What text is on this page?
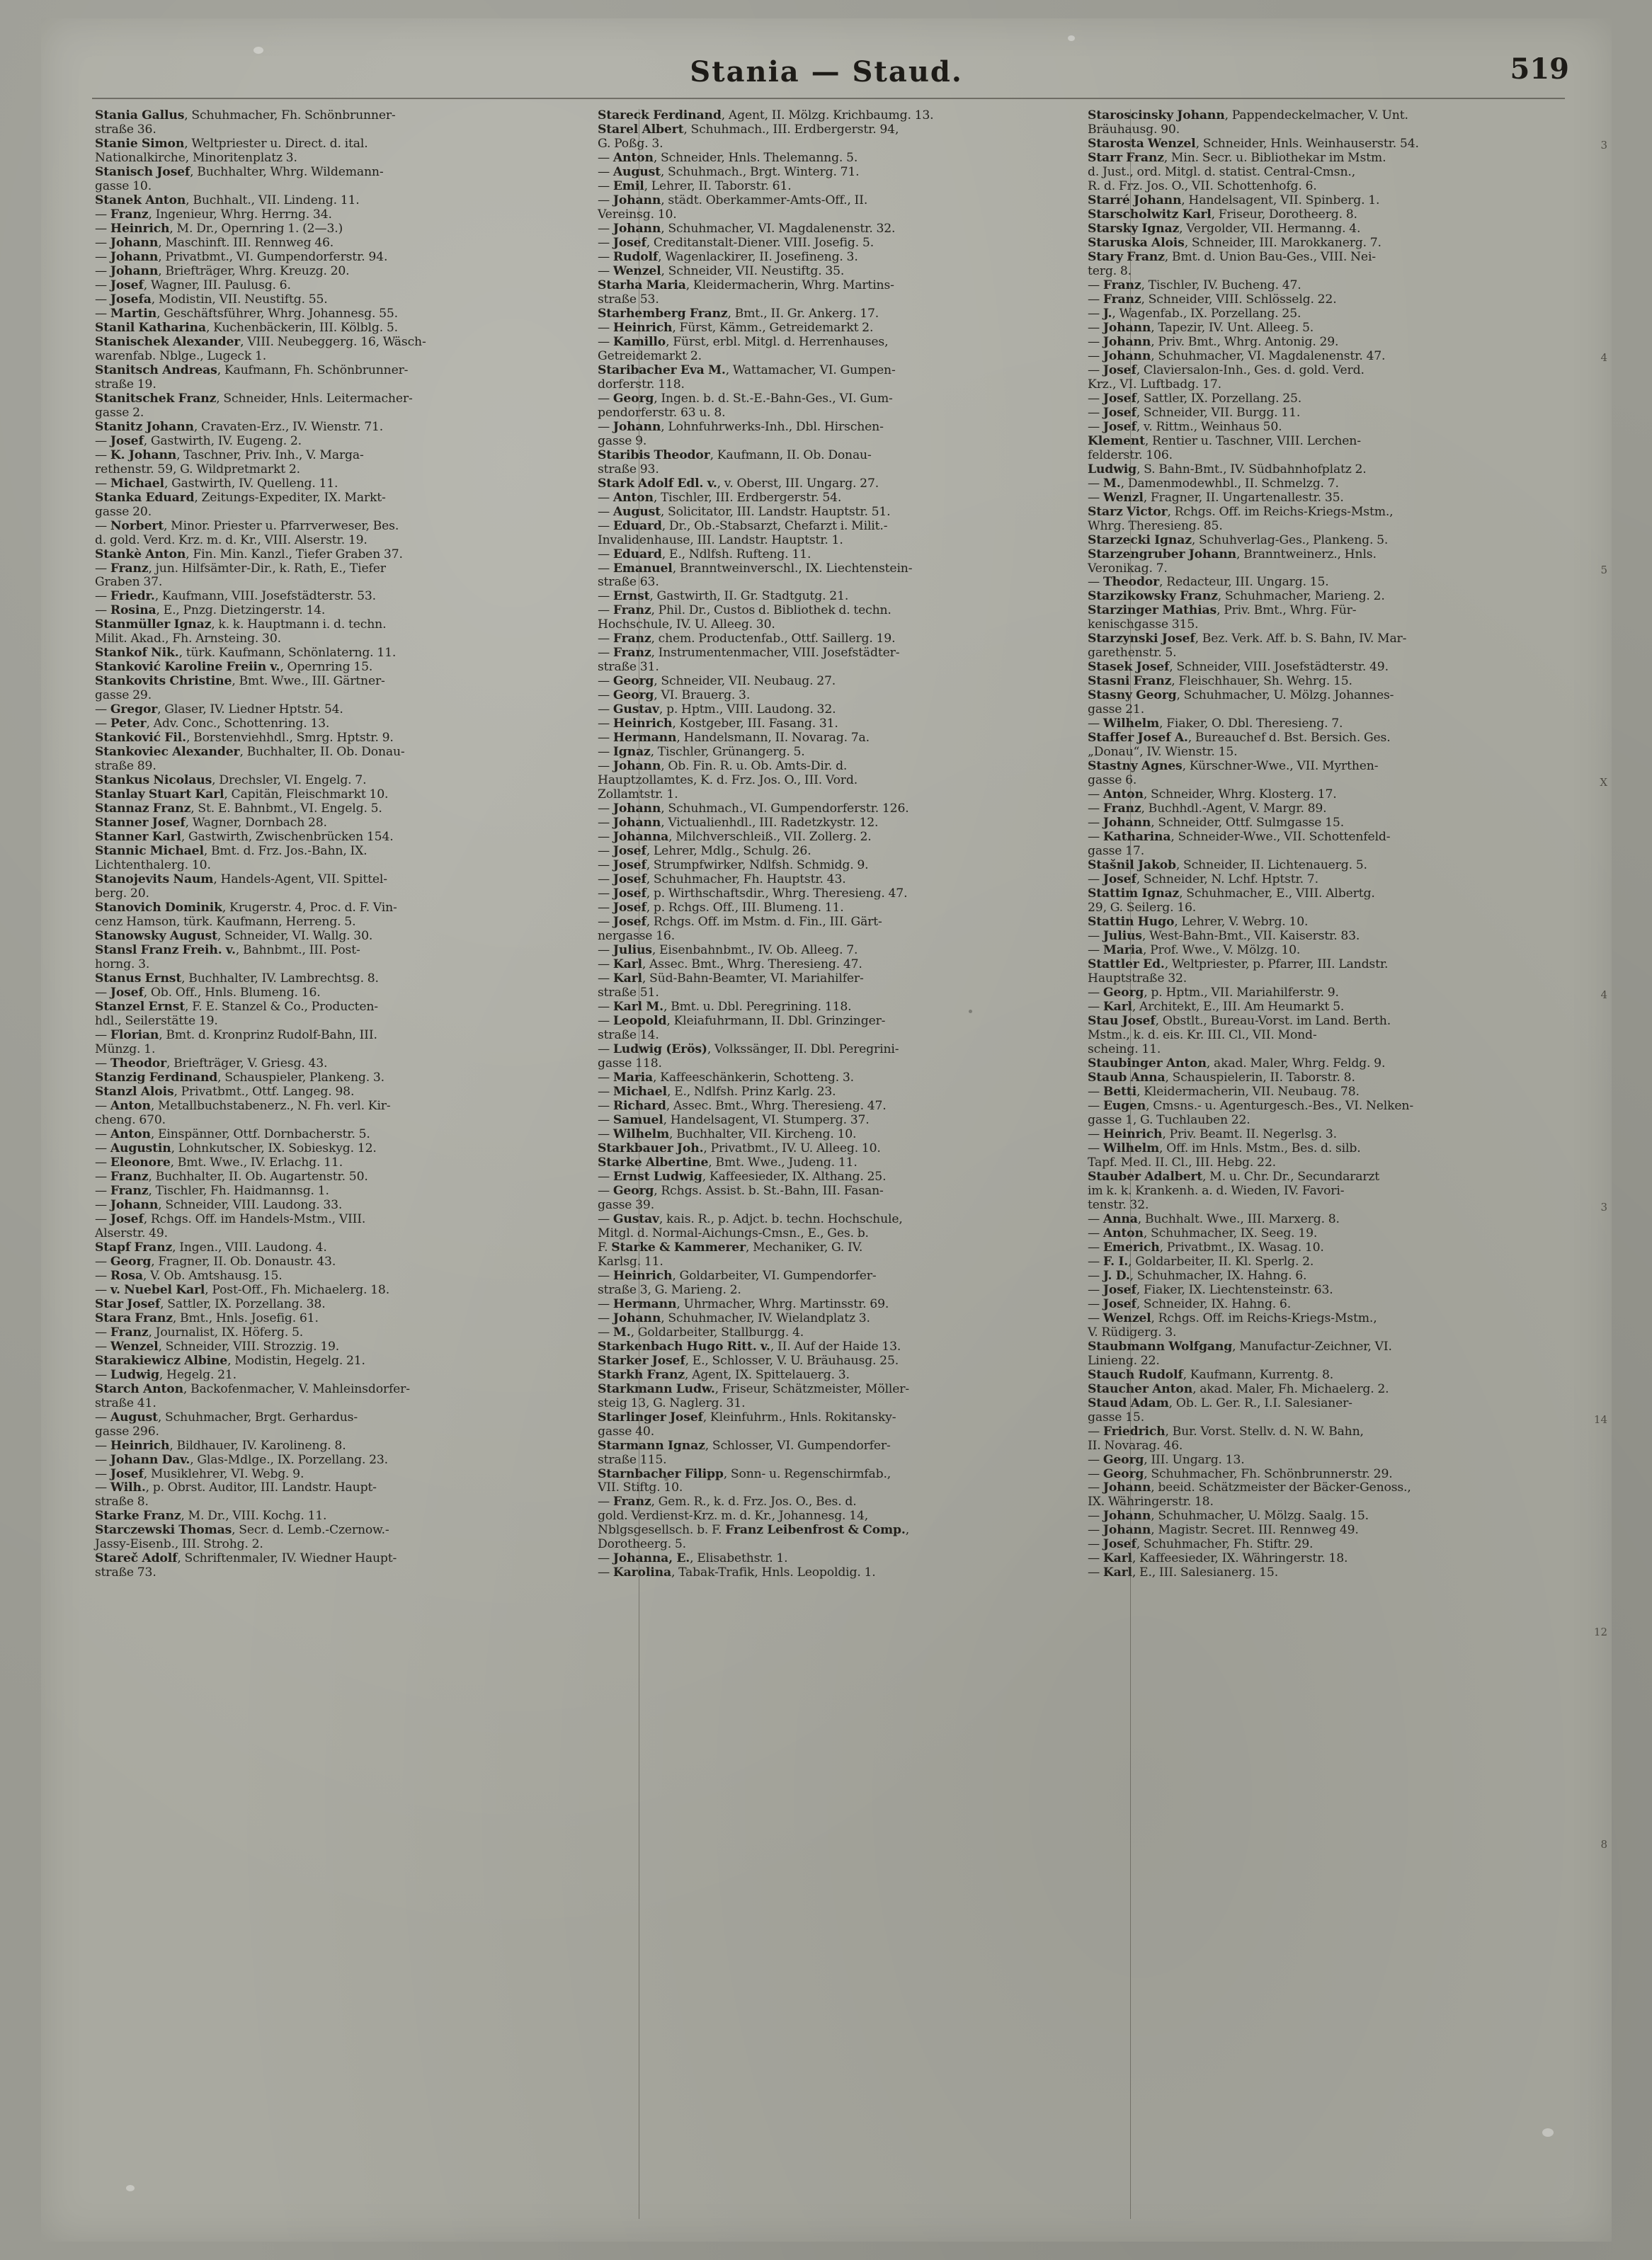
Stania — Staud.	519
Stania Gallus, Schuhmacher, Fh. Schönbrunner-
straße 36.
Stanie Simon, Weltpriester u. Direct. d. ital.
Nationalkirche, Minoritenplatz 3.
Stanisch Josef, Buchhalter, Whrg. Wildemann-
gasse 10.
Stanek Anton, Buchhalt., VII. Lindeng. 11.
— Franz, Ingenieur, Whrg. Herrng. 34.
— Heinrich, M. Dr., Opernring 1. (2—3.)
— Johann, Maschinft. III. Rennweg 46.
— Johann, Privatbmt., VI. Gumpendorferstr. 94.
— Johann, Briefträger, Whrg. Kreuzg. 20.
— Josef, Wagner, III. Paulusg. 6.
— Josefa, Modistin, VII. Neustiftg. 55.
— Martin, Geschäftsführer, Whrg. Johannesg. 55.
Stanil Katharina, Kuchenbäckerin, III. Kölblg. 5.
Stanischek Alexander, VIII. Neubeggerg. 16, Wäsch-
warenfab. Nblge., Lugeck 1.
Stanitsch Andreas, Kaufmann, Fh. Schönbrunner-
straße 19.
Stanitschek Franz, Schneider, Hnls. Leitermacher-
gasse 2.
Stanitz Johann, Cravaten-Erz., IV. Wienstr. 71.
— Josef, Gastwirth, IV. Eugeng. 2.
— K. Johann, Taschner, Priv. Inh., V. Marga-
rethenstr. 59, G. Wildpretmarkt 2.
— Michael, Gastwirth, IV. Quelleng. 11.
Stanka Eduard, Zeitungs-Expediter, IX. Markt-
gasse 20.
— Norbert, Minor. Priester u. Pfarrverweser, Bes.
d. gold. Verd. Krz. m. d. Kr., VIII. Alserstr. 19.
Stankè Anton, Fin. Min. Kanzl., Tiefer Graben 37.
— Franz, jun. Hilfsämter-Dir., k. Rath, E., Tiefer
Graben 37.
— Friedr., Kaufmann, VIII. Josefstädterstr. 53.
— Rosina, E., Pnzg. Dietzingerstr. 14.
Stanmüller Ignaz, k. k. Hauptmann i. d. techn.
Milit. Akad., Fh. Arnsteing. 30.
Stankof Nik., türk. Kaufmann, Schönlaterng. 11.
Stanković Karoline Freiin v., Opernring 15.
Stankovits Christine, Bmt. Wwe., III. Gärtner-
gasse 29.
— Gregor, Glaser, IV. Liedner Hptstr. 54.
— Peter, Adv. Conc., Schottenring. 13.
Stanković Fil., Borstenviehhdl., Smrg. Hptstr. 9.
Stankoviec Alexander, Buchhalter, II. Ob. Donau-
straße 89.
Stankus Nicolaus, Drechsler, VI. Engelg. 7.
Stanlay Stuart Karl, Capitän, Fleischmarkt 10.
Stannaz Franz, St. E. Bahnbmt., VI. Engelg. 5.
Stanner Josef, Wagner, Dornbach 28.
Stanner Karl, Gastwirth, Zwischenbrücken 154.
Stannic Michael, Bmt. d. Frz. Jos.-Bahn, IX.
Lichtenthalerg. 10.
Stanojevits Naum, Handels-Agent, VII. Spittel-
berg. 20.
Stanovich Dominik, Krugerstr. 4, Proc. d. F. Vin-
cenz Hamson, türk. Kaufmann, Herreng. 5.
Stanowsky August, Schneider, VI. Wallg. 30.
Stansl Franz Freih. v., Bahnbmt., III. Post-
horng. 3.
Stanus Ernst, Buchhalter, IV. Lambrechtsg. 8.
— Josef, Ob. Off., Hnls. Blumeng. 16.
Stanzel Ernst, F. E. Stanzel & Co., Producten-
hdl., Seilerstätte 19.
— Florian, Bmt. d. Kronprinz Rudolf-Bahn, III.
Münzg. 1.
— Theodor, Briefträger, V. Griesg. 43.
Stanzig Ferdinand, Schauspieler, Plankeng. 3.
Stanzl Alois, Privatbmt., Ottf. Langeg. 98.
— Anton, Metallbuchstabenerz., N. Fh. verl. Kir-
cheng. 670.
— Anton, Einspänner, Ottf. Dornbacherstr. 5.
— Augustin, Lohnkutscher, IX. Sobieskyg. 12.
— Eleonore, Bmt. Wwe., IV. Erlachg. 11.
— Franz, Buchhalter, II. Ob. Augartenstr. 50.
— Franz, Tischler, Fh. Haidmannsg. 1.
— Johann, Schneider, VIII. Laudong. 33.
— Josef, Rchgs. Off. im Handels-Mstm., VIII.
Alserstr. 49.
Stapf Franz, Ingen., VIII. Laudong. 4.
— Georg, Fragner, II. Ob. Donaustr. 43.
— Rosa, V. Ob. Amtshausg. 15.
— v. Nuebel Karl, Post-Off., Fh. Michaelerg. 18.
Star Josef, Sattler, IX. Porzellang. 38.
Stara Franz, Bmt., Hnls. Josefig. 61.
— Franz, Journalist, IX. Höferg. 5.
— Wenzel, Schneider, VIII. Strozzig. 19.
Starakiewicz Albine, Modistin, Hegelg. 21.
— Ludwig, Hegelg. 21.
Starch Anton, Backofenmacher, V. Mahleinsdorfer-
straße 41.
— August, Schuhmacher, Brgt. Gerhardus-
gasse 296.
— Heinrich, Bildhauer, IV. Karolineng. 8.
— Johann Dav., Glas-Mdlge., IX. Porzellang. 23.
— Josef, Musiklehrer, VI. Webg. 9.
— Wilh., p. Obrst. Auditor, III. Landstr. Haupt-
straße 8.
Starke Franz, M. Dr., VIII. Kochg. 11.
Starczewski Thomas, Secr. d. Lemb.-Czernow.-
Jassy-Eisenb., III. Strohg. 2.
Stareč Adolf, Schriftenmaler, IV. Wiedner Haupt-
straße 73.
Stareck Ferdinand, Agent, II. Mölzg. Krichbaumg. 13.
Starel Albert, Schuhmach., III. Erdbergerstr. 94,
G. Poßg. 3.
— Anton, Schneider, Hnls. Thelemanng. 5.
— August, Schuhmach., Brgt. Winterg. 71.
— Emil, Lehrer, II. Taborstr. 61.
— Johann, städt. Oberkammer-Amts-Off., II.
Vereinsg. 10.
— Johann, Schuhmacher, VI. Magdalenenstr. 32.
— Josef, Creditanstalt-Diener. VIII. Josefig. 5.
— Rudolf, Wagenlackirer, II. Josefineng. 3.
— Wenzel, Schneider, VII. Neustiftg. 35.
Starha Maria, Kleidermacherin, Whrg. Martins-
straße 53.
Starhemberg Franz, Bmt., II. Gr. Ankerg. 17.
— Heinrich, Fürst, Kämm., Getreidemarkt 2.
— Kamillo, Fürst, erbl. Mitgl. d. Herrenhauses,
Getreidemarkt 2.
Staribacher Eva M., Wattamacher, VI. Gumpen-
dorferstr. 118.
— Georg, Ingen. b. d. St.-E.-Bahn-Ges., VI. Gum-
pendorferstr. 63 u. 8.
— Johann, Lohnfuhrwerks-Inh., Dbl. Hirschen-
gasse 9.
Staribis Theodor, Kaufmann, II. Ob. Donau-
straße 93.
Stark Adolf Edl. v., v. Oberst, III. Ungarg. 27.
— Anton, Tischler, III. Erdbergerstr. 54.
— August, Solicitator, III. Landstr. Hauptstr. 51.
— Eduard, Dr., Ob.-Stabsarzt, Chefarzt i. Milit.-
Invalidenhause, III. Landstr. Hauptstr. 1.
— Eduard, E., Ndlfsh. Rufteng. 11.
— Emanuel, Branntweinverschl., IX. Liechtenstein-
straße 63.
— Ernst, Gastwirth, II. Gr. Stadtgutg. 21.
— Franz, Phil. Dr., Custos d. Bibliothek d. techn.
Hochschule, IV. U. Alleeg. 30.
— Franz, chem. Productenfab., Ottf. Saillerg. 19.
— Franz, Instrumentenmacher, VIII. Josefstädter-
straße 31.
— Georg, Schneider, VII. Neubaug. 27.
— Georg, VI. Brauerg. 3.
— Gustav, p. Hptm., VIII. Laudong. 32.
— Heinrich, Kostgeber, III. Fasang. 31.
— Hermann, Handelsmann, II. Novarag. 7a.
— Ignaz, Tischler, Grünangerg. 5.
— Johann, Ob. Fin. R. u. Ob. Amts-Dir. d.
Hauptzollamtes, K. d. Frz. Jos. O., III. Vord.
Zollamtstr. 1.
— Johann, Schuhmach., VI. Gumpendorferstr. 126.
— Johann, Victualienhdl., III. Radetzkystr. 12.
— Johanna, Milchverschleiß., VII. Zollerg. 2.
— Josef, Lehrer, Mdlg., Schulg. 26.
— Josef, Strumpfwirker, Ndlfsh. Schmidg. 9.
— Josef, Schuhmacher, Fh. Hauptstr. 43.
— Josef, p. Wirthschaftsdir., Whrg. Theresieng. 47.
— Josef, p. Rchgs. Off., III. Blumeng. 11.
— Josef, Rchgs. Off. im Mstm. d. Fin., III. Gärt-
nergasse 16.
— Julius, Eisenbahnbmt., IV. Ob. Alleeg. 7.
— Karl, Assec. Bmt., Whrg. Theresieng. 47.
— Karl, Süd-Bahn-Beamter, VI. Mariahilfer-
straße 51.
— Karl M., Bmt. u. Dbl. Peregrining. 118.
— Leopold, Kleiafuhrmann, II. Dbl. Grinzinger-
straße 14.
— Ludwig (Erös), Volkssänger, II. Dbl. Peregrini-
gasse 118.
— Maria, Kaffeeschänkerin, Schotteng. 3.
— Michael, E., Ndlfsh. Prinz Karlg. 23.
— Richard, Assec. Bmt., Whrg. Theresieng. 47.
— Samuel, Handelsagent, VI. Stumperg. 37.
— Wilhelm, Buchhalter, VII. Kircheng. 10.
Starkbauer Joh., Privatbmt., IV. U. Alleeg. 10.
Starke Albertine, Bmt. Wwe., Judeng. 11.
— Ernst Ludwig, Kaffeesieder, IX. Althang. 25.
— Georg, Rchgs. Assist. b. St.-Bahn, III. Fasan-
gasse 39.
— Gustav, kais. R., p. Adjct. b. techn. Hochschule,
Mitgl. d. Normal-Aichungs-Cmsn., E., Ges. b.
F. Starke & Kammerer, Mechaniker, G. IV.
Karlsg. 11.
— Heinrich, Goldarbeiter, VI. Gumpendorfer-
straße 3, G. Marieng. 2.
— Hermann, Uhrmacher, Whrg. Martinsstr. 69.
— Johann, Schuhmacher, IV. Wielandplatz 3.
— M., Goldarbeiter, Stallburgg. 4.
Starkenbach Hugo Ritt. v., II. Auf der Haide 13.
Starker Josef, E., Schlosser, V. U. Bräuhausg. 25.
Starkh Franz, Agent, IX. Spittelauerg. 3.
Starkmann Ludw., Friseur, Schätzmeister, Möller-
steig 13, G. Naglerg. 31.
Starlinger Josef, Kleinfuhrm., Hnls. Rokitansky-
gasse 40.
Starmann Ignaz, Schlosser, VI. Gumpendorfer-
straße 115.
Starnbacher Filipp, Sonn- u. Regenschirmfab.,
VII. Stiftg. 10.
— Franz, Gem. R., k. d. Frz. Jos. O., Bes. d.
gold. Verdienst-Krz. m. d. Kr., Johannesg. 14,
Nblgsgesellsch. b. F. Franz Leibenfrost & Comp.,
Dorotheerg. 5.
— Johanna, E., Elisabethstr. 1.
— Karolina, Tabak-Trafik, Hnls. Leopoldig. 1.
Staroscinsky Johann, Pappendeckelmacher, V. Unt.
Bräuhausg. 90.
Starosta Wenzel, Schneider, Hnls. Weinhauserstr. 54.
Starr Franz, Min. Secr. u. Bibliothekar im Mstm.
d. Just., ord. Mitgl. d. statist. Central-Cmsn.,
R. d. Frz. Jos. O., VII. Schottenhofg. 6.
Starré Johann, Handelsagent, VII. Spinberg. 1.
Starscholwitz Karl, Friseur, Dorotheerg. 8.
Starsky Ignaz, Vergolder, VII. Hermanng. 4.
Staruska Alois, Schneider, III. Marokkanerg. 7.
Stary Franz, Bmt. d. Union Bau-Ges., VIII. Nei-
terg. 8.
— Franz, Tischler, IV. Bucheng. 47.
— Franz, Schneider, VIII. Schlösselg. 22.
— J., Wagenfab., IX. Porzellang. 25.
— Johann, Tapezir, IV. Unt. Alleeg. 5.
— Johann, Priv. Bmt., Whrg. Antonig. 29.
— Johann, Schuhmacher, VI. Magdalenenstr. 47.
— Josef, Claviersalon-Inh., Ges. d. gold. Verd.
Krz., VI. Luftbadg. 17.
— Josef, Sattler, IX. Porzellang. 25.
— Josef, Schneider, VII. Burgg. 11.
— Josef, v. Rittm., Weinhaus 50.
Klement, Rentier u. Taschner, VIII. Lerchen-
felderstr. 106.
Ludwig, S. Bahn-Bmt., IV. Südbahnhofplatz 2.
— M., Damenmodewhbl., II. Schmelzg. 7.
— Wenzl, Fragner, II. Ungartenallestr. 35.
Starz Victor, Rchgs. Off. im Reichs-Kriegs-Mstm.,
Whrg. Theresieng. 85.
Starzecki Ignaz, Schuhverlag-Ges., Plankeng. 5.
Starzengruber Johann, Branntweinerz., Hnls.
Veronikag. 7.
— Theodor, Redacteur, III. Ungarg. 15.
Starzikowsky Franz, Schuhmacher, Marieng. 2.
Starzinger Mathias, Priv. Bmt., Whrg. Für-
kenischgasse 315.
Starzynski Josef, Bez. Verk. Aff. b. S. Bahn, IV. Mar-
garethenstr. 5.
Stasek Josef, Schneider, VIII. Josefstädterstr. 49.
Stasni Franz, Fleischhauer, Sh. Wehrg. 15.
Stasny Georg, Schuhmacher, U. Mölzg. Johannes-
gasse 21.
— Wilhelm, Fiaker, O. Dbl. Theresieng. 7.
Staffer Josef A., Bureauchef d. Bst. Bersich. Ges.
„Donau“, IV. Wienstr. 15.
Stastny Agnes, Kürschner-Wwe., VII. Myrthen-
gasse 6.
— Anton, Schneider, Whrg. Klosterg. 17.
— Franz, Buchhdl.-Agent, V. Margr. 89.
— Johann, Schneider, Ottf. Sulmgasse 15.
— Katharina, Schneider-Wwe., VII. Schottenfeld-
gasse 17.
Stašnil Jakob, Schneider, II. Lichtenauerg. 5.
— Josef, Schneider, N. Lchf. Hptstr. 7.
Stattim Ignaz, Schuhmacher, E., VIII. Albertg.
29, G. Seilerg. 16.
Stattin Hugo, Lehrer, V. Webrg. 10.
— Julius, West-Bahn-Bmt., VII. Kaiserstr. 83.
— Maria, Prof. Wwe., V. Mölzg. 10.
Stattler Ed., Weltpriester, p. Pfarrer, III. Landstr.
Hauptstraße 32.
— Georg, p. Hptm., VII. Mariahilferstr. 9.
— Karl, Architekt, E., III. Am Heumarkt 5.
Stau Josef, Obstlt., Bureau-Vorst. im Land. Berth.
Mstm., k. d. eis. Kr. III. Cl., VII. Mond-
scheing. 11.
Staubinger Anton, akad. Maler, Whrg. Feldg. 9.
Staub Anna, Schauspielerin, II. Taborstr. 8.
— Betti, Kleidermacherin, VII. Neubaug. 78.
— Eugen, Cmsns.- u. Agenturgesch.-Bes., VI. Nelken-
gasse 1, G. Tuchlauben 22.
— Heinrich, Priv. Beamt. II. Negerlsg. 3.
— Wilhelm, Off. im Hnls. Mstm., Bes. d. silb.
Tapf. Med. II. Cl., III. Hebg. 22.
Stauber Adalbert, M. u. Chr. Dr., Secundararzt
im k. k. Krankenh. a. d. Wieden, IV. Favori-
tenstr. 32.
— Anna, Buchhalt. Wwe., III. Marxerg. 8.
— Anton, Schuhmacher, IX. Seeg. 19.
— Emerich, Privatbmt., IX. Wasag. 10.
— F. I., Goldarbeiter, II. Kl. Sperlg. 2.
— J. D., Schuhmacher, IX. Hahng. 6.
— Josef, Fiaker, IX. Liechtensteinstr. 63.
— Josef, Schneider, IX. Hahng. 6.
— Wenzel, Rchgs. Off. im Reichs-Kriegs-Mstm.,
V. Rüdigerg. 3.
Staubmann Wolfgang, Manufactur-Zeichner, VI.
Linieng. 22.
Stauch Rudolf, Kaufmann, Kurrentg. 8.
Staucher Anton, akad. Maler, Fh. Michaelerg. 2.
Staud Adam, Ob. L. Ger. R., I.I. Salesianer-
gasse 15.
— Friedrich, Bur. Vorst. Stellv. d. N. W. Bahn,
II. Novarag. 46.
— Georg, III. Ungarg. 13.
— Georg, Schuhmacher, Fh. Schönbrunnerstr. 29.
— Johann, beeid. Schätzmeister der Bäcker-Genoss.,
IX. Währingerstr. 18.
— Johann, Schuhmacher, U. Mölzg. Saalg. 15.
— Johann, Magistr. Secret. III. Rennweg 49.
— Josef, Schuhmacher, Fh. Stiftr. 29.
— Karl, Kaffeesieder, IX. Währingerstr. 18.
— Karl, E., III. Salesianerg. 15.
3
4
5
X
4
3
14
12
8
